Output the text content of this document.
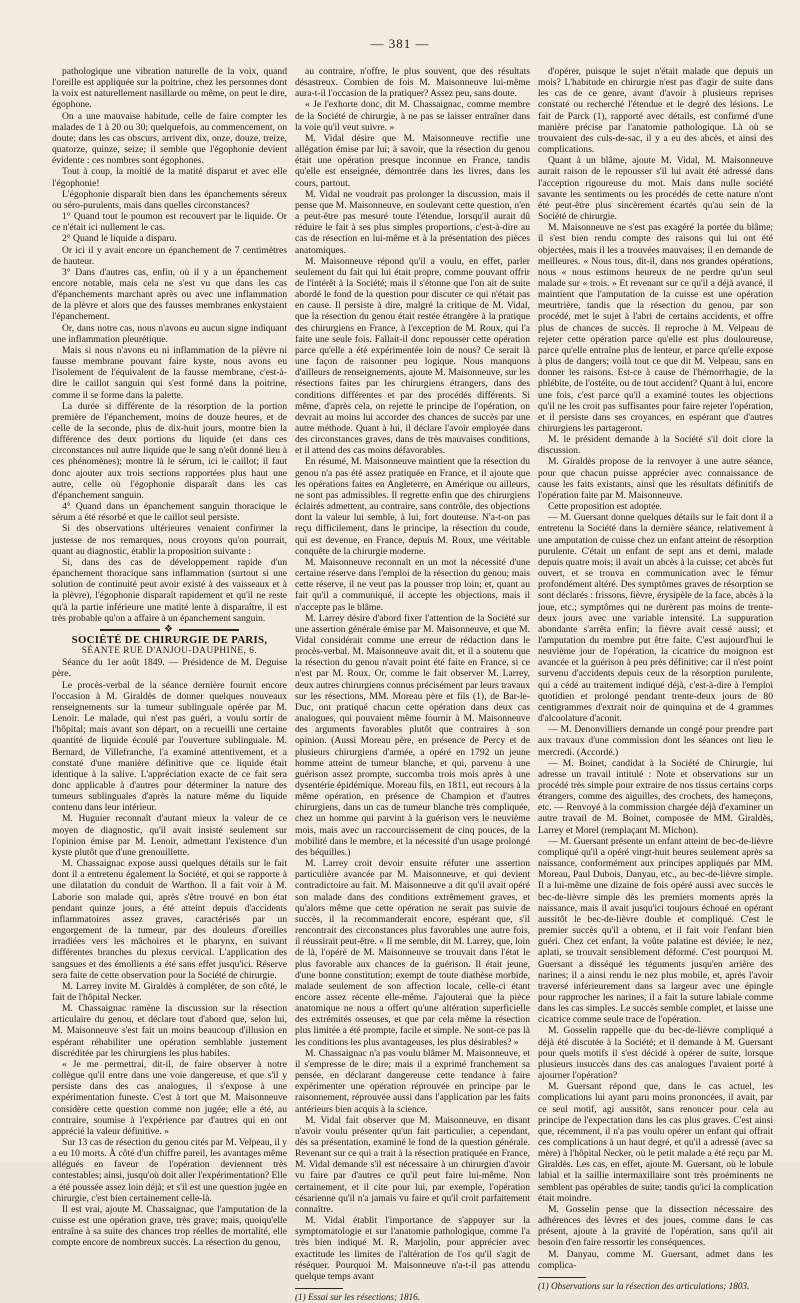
— 381 —

pathologique une vibration naturelle de la voix, quand l'oreille est appliquée sur la poitrine, chez les personnes dont la voix est naturellement nasillarde ou même, on peut le dire, égophone.

On a une mauvaise habitude, celle de faire compter les malades de 1 à 20 ou 30; quelquefois, au commencement, on doute; dans les cas obscurs, arrivent dix, onze, douze, treize, quatorze, quinze, seize; il semble que l'égophonie devient évidente : ces nombres sont égophones.

Tout à coup, la moitié de la matité disparut et avec elle l'égophonie!

L'égophonie disparaît bien dans les épanchements séreux ou séro-purulents, mais dans quelles circonstances?

1° Quand tout le poumon est recouvert par le liquide. Or ce n'était ici nullement le cas.

2° Quand le liquide a disparu.

Or ici il y avait encore un épanchement de 7 centimètres de hauteur.

3° Dans d'autres cas, enfin, où il y a un épanchement encore notable, mais cela ne s'est vu que dans les cas d'épanchements marchant après ou avec une inflammation de la plèvre et alors que des fausses membranes enkystaient l'épanchement.

Or, dans notre cas, nous n'avons eu aucun signe indiquant une inflammation pleurétique.

Mais si nous n'avons eu ni inflammation de la plèvre ni fausse membrane pouvant faire kyste, nous avons eu l'isolement de l'équivalent de la fausse membrane, c'est-à-dire le caillot sanguin qui s'est formé dans la poitrine, comme il se forme dans la palette.

La durée si différente de la résorption de la portion première de l'épanchement, moins de douze heures, et de celle de la seconde, plus de dix-huit jours, montre bien la différence des deux portions du liquide (et dans ces circonstances nul autre liquide que le sang n'eût donné lieu à ces phénomènes); montre là le sérum, ici le caillot; il faut donc ajouter aux trois sections rapportées plus haut une autre, celle où l'égophonie disparaît dans les cas d'épanchement sanguin.

4° Quand dans un épanchement sanguin thoracique le sérum a été résorbé et que le caillot seul persiste.

Si des observations ultérieures venaient confirmer la justesse de nos remarques, nous croyons qu'on pourrait, quant au diagnostic, établir la proposition suivante :

Si, dans des cas de développement rapide d'un épanchement thoracique sans inflammation (surtout si une solution de continuité peut avoir existé à des vaisseaux et à la plèvre), l'égophonie disparaît rapidement et qu'il ne reste qu'à la partie inférieure une matité lente à disparaître, il est très probable qu'on a affaire à un épanchement sanguin.

❖

SOCIÉTÉ DE CHIRURGIE DE PARIS,

SÉANTE RUE D'ANJOU-DAUPHINE, 6.

Séance du 1er août 1849. — Présidence de M. Deguise père.

Le procès-verbal de la séance dernière fournit encore l'occasion à M. Giraldès de donner quelques nouveaux renseignements sur la tumeur sublinguale opérée par M. Lenoir. Le malade, qui n'est pas guéri, a voulu sortir de l'hôpital; mais avant son départ, on a recueilli une certaine quantité de liquide écoulé par l'ouverture sublinguale. M. Bernard, de Villefranche, l'a examiné attentivement, et a constaté d'une manière définitive que ce liquide était identique à la salive. L'appréciation exacte de ce fait sera donc applicable à d'autres pour déterminer la nature des tumeurs sublinguales d'après la nature même du liquide contenu dans leur intérieur.

M. Huguier reconnaît d'autant mieux la valeur de ce moyen de diagnostic, qu'il avait insisté seulement sur l'opinion émise par M. Lenoir, admettant l'existence d'un kyste plutôt que d'une grenouillette.

M. Chassaignac expose aussi quelques détails sur le fait dont il a entretenu également la Société, et qui se rapporte à une dilatation du conduit de Warthon. Il a fait voir à M. Laborie son malade qui, après s'être trouvé en bon état pendant quinze jours, a été atteint depuis d'accidents inflammatoires assez graves, caractérisés par un engorgement de la tumeur, par des douleurs d'oreilles irradiées vers les mâchoires et le pharynx, en suivant différentes branches du plexus cervical. L'application des sangsues et des émollients a été sans effet jusqu'ici. Réserve sera faite de cette observation pour la Société de chirurgie.

M. Larrey invite M. Giraldès à compléter, de son côté, le fait de l'hôpital Necker.

M. Chassaignac ramène la discussion sur la résection articulaire du genou, et déclare tout d'abord que, selon lui, M. Maisonneuve s'est fait un moins beaucoup d'illusion en espérant réhabiliter une opération semblable justement discréditée par les chirurgiens les plus habiles.

« Je me permettrai, dit-il, de faire observer à notre collègue qu'il entre dans une voie dangereuse, et que s'il y persiste dans des cas analogues, il s'expose à une expérimentation funeste. C'est à tort que M. Maisonneuve considère cette question comme non jugée; elle a été, au contraire, soumise à l'expérience par d'autres qui en ont apprécié la valeur définitive. »

Sur 13 cas de résection du genou cités par M. Velpeau, il y a eu 10 morts. À côté d'un chiffre pareil, les avantages même allégués en faveur de l'opération deviennent très contestables; ainsi, jusqu'où doit aller l'expérimentation? Elle a été poussée assez loin déjà; et s'il est une question jugée en chirurgie, c'est bien certainement celle-là.

Il est vrai, ajoute M. Chassaignac, que l'amputation de la cuisse est une opération grave, très grave; mais, quoiqu'elle entraîne à sa suite des chances trop réelles de mortalité, elle compte encore de nombreux succès. La résection du genou,

au contraire, n'offre, le plus souvent, que des résultats désastreux. Combien de fois M. Maisonneuve lui-même aura-t-il l'occasion de la pratiquer? Assez peu, sans doute.

« Je l'exhorte donc, dit M. Chassaignac, comme membre de la Société de chirurgie, à ne pas se laisser entraîner dans la voie qu'il veut suivre. »

M. Vidal désire que M. Maisonneuve rectifie une allégation émise par lui; à savoir, que la résection du genou était une opération presque inconnue en France, tandis qu'elle est enseignée, démontrée dans les livres, dans les cours, partout.

M. Vidal ne voudrait pas prolonger la discussion, mais il pense que M. Maisonneuve, en soulevant cette question, n'en a peut-être pas mesuré toute l'étendue, lorsqu'il aurait dû réduire le fait à ses plus simples proportions, c'est-à-dire au cas de résection en lui-même et à la présentation des pièces anatomiques.

M. Maisonneuve répond qu'il a voulu, en effet, parler seulement du fait qui lui était propre, comme pouvant offrir de l'intérêt à la Société; mais il s'étonne que l'on ait de suite abordé le fond de la question pour discuter ce qui n'était pas en cause. Il persiste à dire, malgré la critique de M. Vidal, que la résection du genou était restée étrangère à la pratique des chirurgiens en France, à l'exception de M. Roux, qui l'a faite une seule fois. Fallait-il donc repousser cette opération parce qu'elle a été expérimentée loin de nous? Ce serait là une façon de raisonner peu logique. Nous manquons d'ailleurs de renseignements, ajoute M. Maisonneuve, sur les résections faites par les chirurgiens étrangers, dans des conditions différentes et par des procédés différents. Si même, d'après cela, on rejette le principe de l'opération, on devrait au moins lui accorder des chances de succès par une autre méthode. Quant à lui, il déclare l'avoir employée dans des circonstances graves, dans de très mauvaises conditions, et il attend des cas moins défavorables.

En résumé, M. Maisonneuve maintient que la résection du genou n'a pas été assez pratiquée en France, et il ajoute que les opérations faites en Angleterre, en Amérique ou ailleurs, ne sont pas admissibles. Il regrette enfin que des chirurgiens éclairés admettent, au contraire, sans contrôle, des objections dont la valeur lui semble, à lui, fort douteuse. N'a-t-on pas reçu difficilement, dans le principe, la résection du coude, qui est devenue, en France, depuis M. Roux, une véritable conquête de la chirurgie moderne.

M. Maisonneuve reconnaît en un mot la nécessité d'une certaine réserve dans l'emploi de la résection du genou; mais cette réserve, il ne veut pas la pousser trop loin; et, quant au fait qu'il a communiqué, il accepte les objections, mais il n'accepte pas le blâme.

M. Larrey désire d'abord fixer l'attention de la Société sur une assertion générale émise par M. Maisonneuve, et que M. Vidal considérait comme une erreur de rédaction dans le procès-verbal. M. Maisonneuve avait dit, et il a soutenu que la résection du genou n'avait point été faite en France, si ce n'est par M. Roux. Or, comme le fait observer M. Larrey, deux autres chirurgiens connus précisément par leurs travaux sur les résections, MM. Moreau père et fils (1), de Bar-le-Duc, ont pratiqué chacun cette opération dans deux cas analogues, qui pouvaient même fournir à M. Maisonneuve des arguments favorables plutôt que contraires à son opinion. (Aussi Moreau père, en présence de Percy et de plusieurs chirurgiens d'armée, a opéré en 1792 un jeune homme atteint de tumeur blanche, et qui, parvenu à une guérison assez prompte, succomba trois mois après à une dysentérie épidémique. Moreau fils, en 1811, eut recours à la même opération, en présence de Champion et d'autres chirurgiens, dans un cas de tumeur blanche très compliquée, chez un homme qui parvint à la guérison vers le neuvième mois, mais avec un raccourcissement de cinq pouces, de la mobilité dans le membre, et la nécessité d'un usage prolongé des béquilles.)

M. Larrey croit devoir ensuite réfuter une assertion particulière avancée par M. Maisonneuve, et qui devient contradictoire au fait. M. Maisonneuve a dit qu'il avait opéré son malade dans des conditions extrêmement graves, et qu'alors même que cette opération ne serait pas suivie de succès, il la recommanderait encore, espérant que, s'il rencontrait des circonstances plus favorables une autre fois, il réussirait peut-être. « Il me semble, dit M. Larrey, que, loin de là, l'opéré de M. Maisonneuve se trouvait dans l'état le plus favorable aux chances de la guérison. Il était jeune, d'une bonne constitution; exempt de toute diathèse morbide, malade seulement de son affection locale, celle-ci étant encore assez récente elle-même. J'ajouterai que la pièce anatomique ne nous a offert qu'une altération superficielle des extrémités osseuses, et que par cela même la résection plus limitée a été prompte, facile et simple. Ne sont-ce pas là les conditions les plus avantageuses, les plus désirables? »

M. Chassaignac n'a pas voulu blâmer M. Maisonneuve, et il s'empresse de le dire; mais il a exprimé franchement sa pensée, en déclarant dangereuse cette tendance à faire expérimenter une opération réprouvée en principe par le raisonnement, réprouvée aussi dans l'application par les faits antérieurs bien acquis à la science.

M. Vidal fait observer que M. Maisonneuve, en disant n'avoir voulu présenter qu'un fait particulier, a cependant, dès sa présentation, examiné le fond de la question générale. Revenant sur ce qui a trait à la résection pratiquée en France, M. Vidal demande s'il est nécessaire à un chirurgien d'avoir vu faire par d'autres ce qu'il peut faire lui-même. Non certainement, et il cite pour lui, par exemple, l'opération césarienne qu'il n'a jamais vu faire et qu'il croit parfaitement connaître.

M. Vidal établit l'importance de s'appuyer sur la symptomatologie et sur l'anatomie pathologique, comme l'a très bien indiqué M. R. Marjolin, pour apprécier avec exactitude les limites de l'altération de l'os qu'il s'agit de réséquer. Pourquoi M. Maisonneuve n'a-t-il pas attendu quelque temps avant

(1) Essai sur les résections; 1816.

d'opérer, puisque le sujet n'était malade que depuis un mois? L'habitude en chirurgie n'est pas d'agir de suite dans les cas de ce genre, avant d'avoir à plusieurs reprises constaté ou recherché l'étendue et le degré des lésions. Le fait de Parck (1), rapporté avec détails, est confirmé d'une manière précise par l'anatomie pathologique. Là où se trouvaient des culs-de-sac, il y a eu des abcès, et ainsi des complications.

Quant à un blâme, ajoute M. Vidal, M. Maisonneuve aurait raison de le repousser s'il lui avait été adressé dans l'acception rigoureuse du mot. Mais dans nulle société savante les sentiments ou les procédés de cette nature n'ont été peut-être plus sincèrement écartés qu'au sein de la Société de chirurgie.

M. Maisonneuve ne s'est pas exagéré la portée du blâme; il s'est bien rendu compte des raisons qui lui ont été objectées, mais il les a trouvées mauvaises; il en demande de meilleures. « Nous tous, dit-il, dans nos grandes opérations, nous « nous estimons heureux de ne perdre qu'un seul malade sur « trois. » Et revenant sur ce qu'il a déjà avancé, il maintient que l'amputation de la cuisse est une opération meurtrière, tandis que la résection du genou, par son procédé, met le sujet à l'abri de certains accidents, et offre plus de chances de succès. Il reproche à M. Velpeau de rejeter cette opération parce qu'elle est plus douloureuse, parce qu'elle entraîne plus de lenteur, et parce qu'elle expose à plus de dangers; voilà tout ce que dit M. Velpeau, sans en donner les raisons. Est-ce à cause de l'hémorrhagie, de la phlébite, de l'ostéite, ou de tout accident? Quant à lui, encore une fois, c'est parce qu'il a examiné toutes les objections qu'il ne les croit pas suffisantes pour faire rejeter l'opération, et il persiste dans ses croyances, en espérant que d'autres chirurgiens les partageront.

M. le président demande à la Société s'il doit clore la discussion.

M. Giraldès propose de la renvoyer à une autre séance, pour que chacun puisse apprécier avec connaissance de cause les faits existants, ainsi que les résultats définitifs de l'opération faite par M. Maisonneuve.

Cette proposition est adoptée.

— M. Guersant donne quelques détails sur le fait dont il a entretenu la Société dans la dernière séance, relativement à une amputation de cuisse chez un enfant atteint de résorption purulente. C'était un enfant de sept ans et demi, malade depuis quatre mois; il avait un abcès à la cuisse; cet abcès fut ouvert, et se trouva en communication avec le fémur profondément altéré. Des symptômes graves de résorption se sont déclarés : frissons, fièvre, érysipèle de la face, abcès à la joue, etc.; symptômes qui ne durèrent pas moins de trente-deux jours avec une variable intensité. La suppuration abondante s'arrêta enfin; la fièvre avait cessé aussi; et l'amputation du membre put être faite. C'est aujourd'hui le neuvième jour de l'opération, la cicatrice du moignon est avancée et la guérison à peu près définitive; car il n'est point survenu d'accidents depuis ceux de la résorption purulente, qui a cédé au traitement indiqué déjà, c'est-à-dire à l'emploi quotidien et prolongé pendant trente-deux jours de 80 centigrammes d'extrait noir de quinquina et de 4 grammes d'alcoolature d'aconit.

— M. Denonvilliers demande un congé pour prendre part aux travaux d'une commission dont les séances ont lieu le mercredi. (Accordé.)

— M. Boinet, candidat à la Société de Chirurgie, lui adresse un travail intitulé : Note et observations sur un procédé très simple pour extraire de nos tissus certains corps étrangers, comme des aiguilles, des crochets, des hameçons, etc. — Renvoyé à la commission chargée déjà d'examiner un autre travail de M. Boinet, composée de MM. Giraldès, Larrey et Morel (remplaçant M. Michon).

— M. Guersant présente un enfant atteint de bec-de-lièvre compliqué qu'il a opéré vingt-huit heures seulement après sa naissance, conformément aux principes appliqués par MM. Moreau, Paul Dubois, Danyau, etc., au bec-de-lièvre simple. Il a lui-même une dizaine de fois opéré aussi avec succès le bec-de-lièvre simple dès les premiers moments après la naissance, mais il avait jusqu'ici toujours échoué en opérant aussitôt le bec-de-lièvre double et compliqué. C'est le premier succès qu'il a obtenu, et il fait voir l'enfant bien guéri. Chez cet enfant, la voûte palatine est déviée; le nez, aplati, se trouvait sensiblement déformé. C'est pourquoi M. Guersant a disséqué les téguments jusqu'en arrière des narines; il a ainsi rendu le nez plus mobile, et, après l'avoir traversé inférieurement dans sa largeur avec une épingle pour rapprocher les narines, il a fait la suture labiale comme dans les cas simples. Le succès semble complet, et laisse une cicatrice comme seule trace de l'opération.

M. Gosselin rappelle que du bec-de-lièvre compliqué a déjà été discutée à la Société; et il demande à M. Guersant pour quels motifs il s'est décidé à opérer de suite, lorsque plusieurs insuccès dans des cas analogues l'avaient porté à ajourner l'opération?

M. Guersant répond que, dans le cas actuel, les complications lui ayant paru moins prononcées, il avait, par ce seul motif, agi aussitôt, sans renoncer pour cela au principe de l'expectation dans les cas plus graves. C'est ainsi que, récemment, il n'a pas voulu opérer un enfant qui offrait ces complications à un haut degré, et qu'il a adressé (avec sa mère) à l'hôpital Necker, où le petit malade a été reçu par M. Giraldès. Les cas, en effet, ajoute M. Guersant, où le lobule labial et la saillie intermaxillaire sont très proéminents ne semblent pas opérables de suite; tandis qu'ici la complication était moindre.

M. Gosselin pense que la dissection nécessaire des adhérences des lèvres et des joues, comme dans le cas présent, ajoute à la gravité de l'opération, sans qu'il ait besoin d'en faire ressortir les conséquences.

M. Danyau, comme M. Guersant, admet dans les complica-

(1) Observations sur la résection des articulations; 1803.
